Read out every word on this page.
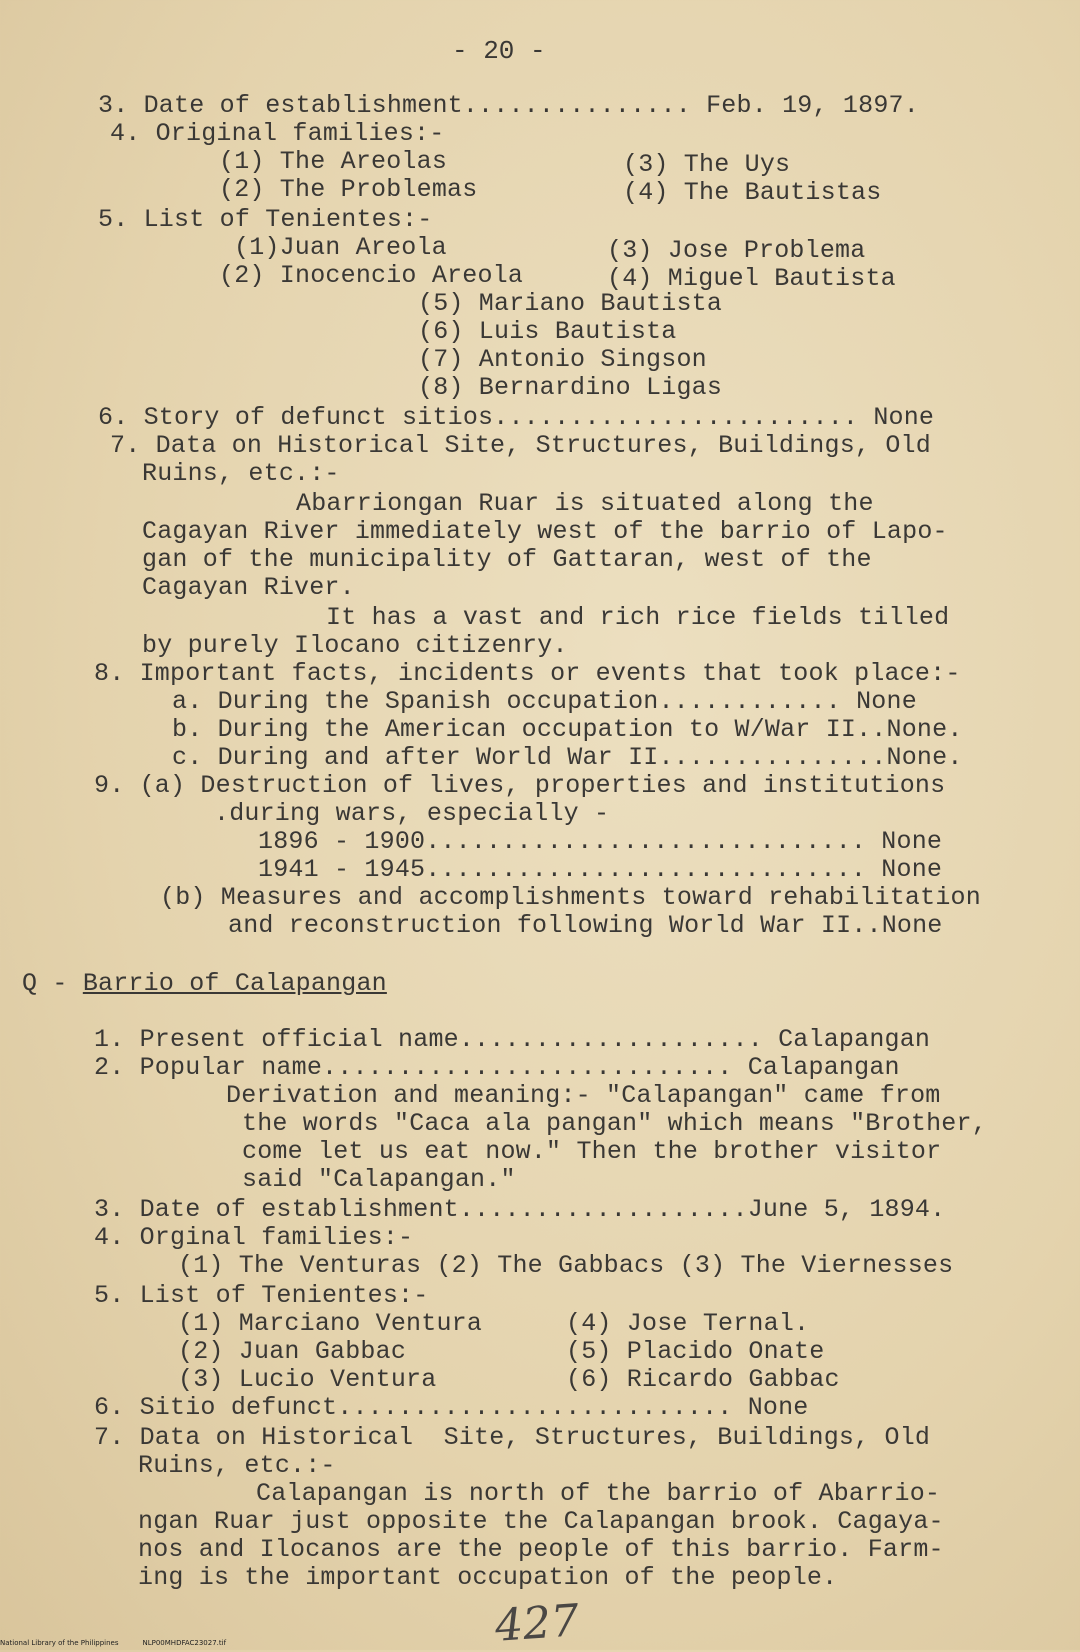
- 20 -
3. Date of establishment............... Feb. 19, 1897.
4. Original families:-
(1) The Areolas	(3) The Uys
(2) The Problemas	(4) The Bautistas
5. List of Tenientes:-
(1)Juan Areola	(3) Jose Problema
(2) Inocencio Areola	(4) Miguel Bautista
(5) Mariano Bautista
(6) Luis Bautista
(7) Antonio Singson
(8) Bernardino Ligas
6. Story of defunct sitios........................ None
7. Data on Historical Site, Structures, Buildings, Old
Ruins, etc.:-
Abarriongan Ruar is situated along the
Cagayan River immediately west of the barrio of Lapo-
gan of the municipality of Gattaran, west of the
Cagayan River.
It has a vast and rich rice fields tilled
by purely Ilocano citizenry.
8. Important facts, incidents or events that took place:-
a. During the Spanish occupation............ None
b. During the American occupation to W/War II..None.
c. During and after World War II...............None.
9. (a) Destruction of lives, properties and institutions
.during wars, especially -
1896 - 1900............................. None
1941 - 1945............................. None
(b) Measures and accomplishments toward rehabilitation
and reconstruction following World War II..None
Q - Barrio of Calapangan
1. Present official name.................... Calapangan
2. Popular name........................... Calapangan
Derivation and meaning:- "Calapangan" came from
the words "Caca ala pangan" which means "Brother,
come let us eat now." Then the brother visitor
said "Calapangan."
3. Date of establishment...................June 5, 1894.
4. Orginal families:-
(1) The Venturas (2) The Gabbacs (3) The Viernesses
5. List of Tenientes:-
(1) Marciano Ventura	(4) Jose Ternal.
(2) Juan Gabbac	(5) Placido Onate
(3) Lucio Ventura	(6) Ricardo Gabbac
6. Sitio defunct.......................... None
7. Data on Historical  Site, Structures, Buildings, Old
Ruins, etc.:-
Calapangan is north of the barrio of Abarrio-
ngan Ruar just opposite the Calapangan brook. Cagaya-
nos and Ilocanos are the people of this barrio. Farm-
ing is the important occupation of the people.
427
National Library of the Philippines	NLP00MHDFAC23027.tif
